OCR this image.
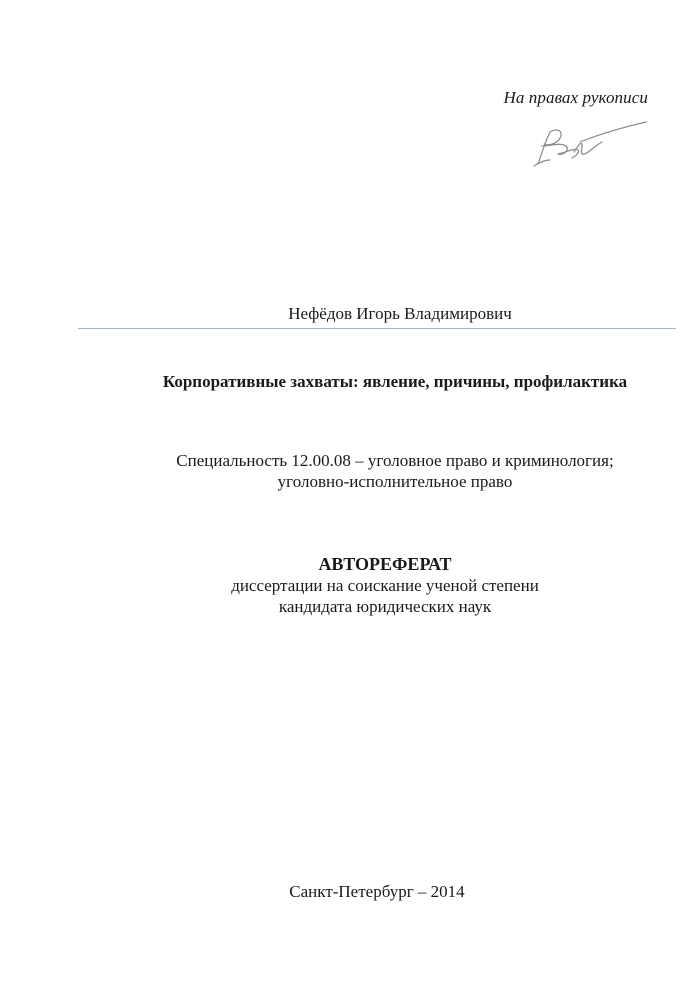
На правах рукописи
Нефёдов Игорь Владимирович
Корпоративные захваты: явление, причины, профилактика
Специальность 12.00.08 – уголовное право и криминология;
уголовно-исполнительное право
АВТОРЕФЕРАТ
диссертации на соискание ученой степени
кандидата юридических наук
Санкт-Петербург – 2014
